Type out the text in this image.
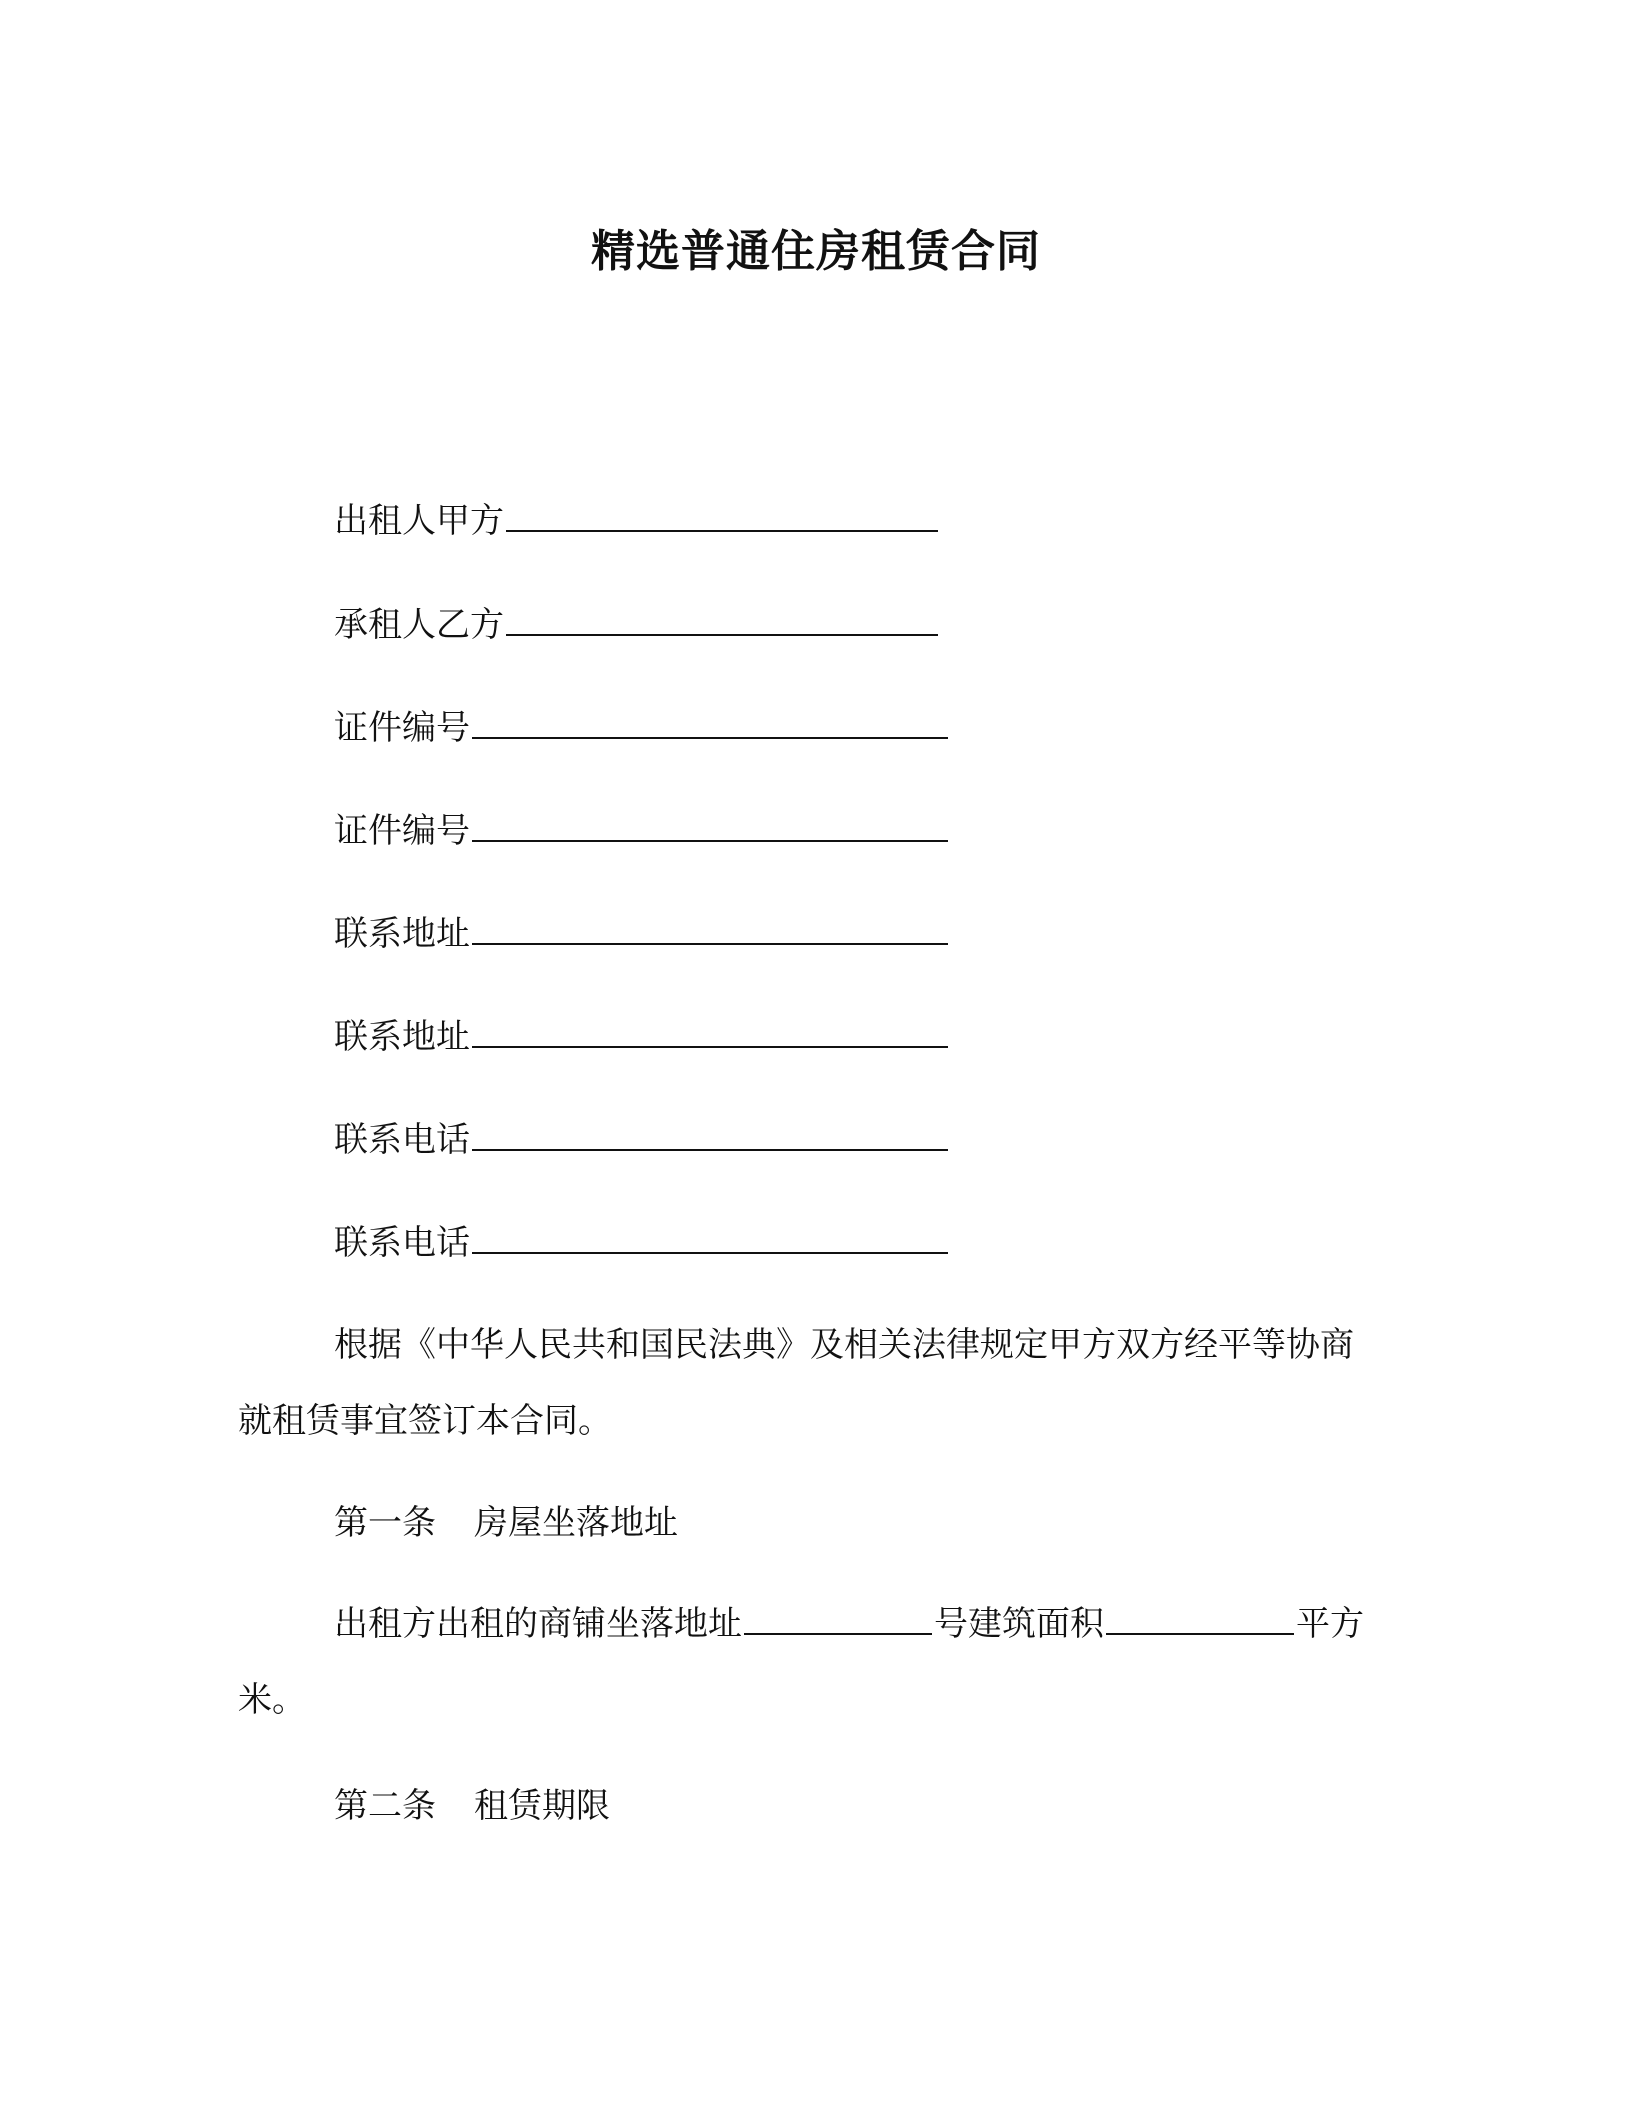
精选普通住房租赁合同
出租人甲方
承租人乙方
证件编号
证件编号
联系地址
联系地址
联系电话
联系电话
根据《中华人民共和国民法典》及相关法律规定甲方双方经平等协商就租赁事宜签订本合同。
第一条 房屋坐落地址
出租方出租的商铺坐落地址	号建筑面积	平方米。
第二条 租赁期限
